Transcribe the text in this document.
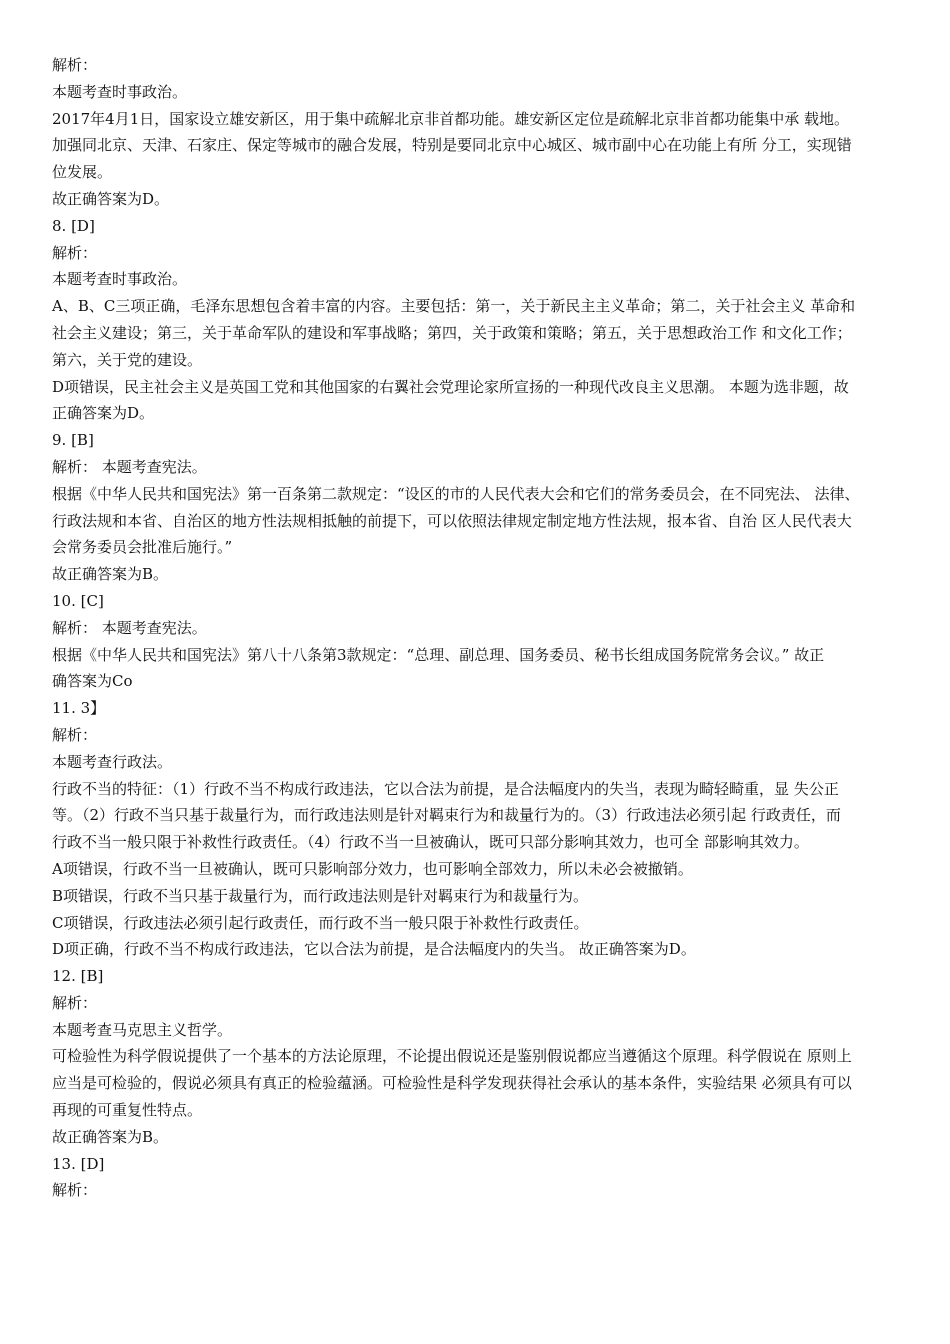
解析：
本题考查时事政治。
2017年4月1日，国家设立雄安新区，用于集中疏解北京非首都功能。雄安新区定位是疏解北京非首都功能集中承 载地。
加强同北京、天津、石家庄、保定等城市的融合发展，特别是要同北京中心城区、城市副中心在功能上有所 分工，实现错
位发展。
故正确答案为D。
8. [D]
解析：
本题考查时事政治。
A、B、C三项正确，毛泽东思想包含着丰富的内容。主要包括：第一，关于新民主主义革命；第二，关于社会主义 革命和
社会主义建设；第三，关于革命军队的建设和军事战略；第四，关于政策和策略；第五，关于思想政治工作 和文化工作；
第六，关于党的建设。
D项错误，民主社会主义是英国工党和其他国家的右翼社会党理论家所宣扬的一种现代改良主义思潮。 本题为选非题，故
正确答案为D。
9. [B]
解析： 本题考查宪法。
根据《中华人民共和国宪法》第一百条第二款规定：“设区的市的人民代表大会和它们的常务委员会，在不同宪法、 法律、
行政法规和本省、自治区的地方性法规相抵触的前提下，可以依照法律规定制定地方性法规，报本省、自治 区人民代表大
会常务委员会批准后施行。”
故正确答案为B。
10. [C]
解析： 本题考查宪法。
根据《中华人民共和国宪法》第八十八条第3款规定：“总理、副总理、国务委员、秘书长组成国务院常务会议。” 故正
确答案为Co
11. 3】
解析：
本题考查行政法。
行政不当的特征：（1）行政不当不构成行政违法，它以合法为前提，是合法幅度内的失当，表现为畸轻畸重，显 失公正
等。（2）行政不当只基于裁量行为，而行政违法则是针对羁束行为和裁量行为的。（3）行政违法必须引起 行政责任，而
行政不当一般只限于补救性行政责任。（4）行政不当一旦被确认，既可只部分影响其效力，也可全 部影响其效力。
A项错误，行政不当一旦被确认，既可只影响部分效力，也可影响全部效力，所以未必会被撤销。
B项错误，行政不当只基于裁量行为，而行政违法则是针对羁束行为和裁量行为。
C项错误，行政违法必须引起行政责任，而行政不当一般只限于补救性行政责任。
D项正确，行政不当不构成行政违法，它以合法为前提，是合法幅度内的失当。 故正确答案为D。
12. [B]
解析：
本题考查马克思主义哲学。
可检验性为科学假说提供了一个基本的方法论原理，不论提出假说还是鉴别假说都应当遵循这个原理。科学假说在 原则上
应当是可检验的，假说必须具有真正的检验蕴涵。可检验性是科学发现获得社会承认的基本条件，实验结果 必须具有可以
再现的可重复性特点。
故正确答案为B。
13. [D]
解析：
